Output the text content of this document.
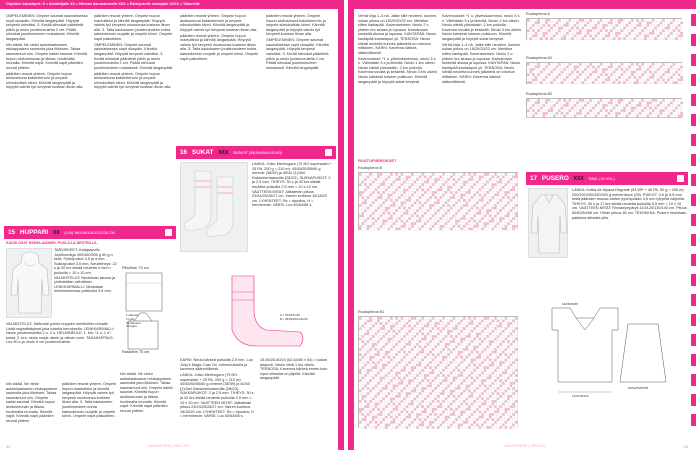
Ohjeiden lukuohjeet: X = Aloittelijalle XX = Hieman harrastuneelle XXX = Edistyneelle neulojalle XXXX = Taitureille

OMPELEMINEN: Ompele saumat saumattaessa nupit ulospäin. Kiinnitä langanpäät. Höyrytä kevyesti valmiiksi. 3. Kerää silmukat pääntietä pitkin ja neulo joustinneuletta 2 cm. Päätä silmukat joustinneuleen mukaisesti. Kiinnitä langanpäät.

kiin aikää. Ne vielot aukkelaaksanen etukappaleen saumoita joka liitoksen. Takaa saumamuut niin. Ompele kaikki saumat. Kiinnitä hupun aloitusreunan ja tikkaa, huolimalla reunalla. Kiinnitä napit. Kiinnitä napit pääntien reunat yhteen.

pääntien reunat yhteen. Ompele hupun aloitusreuna kaksinkerroin ja ompele silmukoittain kiinni. Kiinnitä langanpäät ja höyrytä valmis työ kevyesti kostean liinan alla.

pääntien reunat yhteen. Ompele hupun mantuttelut ja kiinnitä langanpäät. Höyrytä valmis työ kevyesti muotoonsa kostean liinan alla. 3. Taita kaulukseen joustinneuleen kohta kaksinkerroin nurjalle ja ompele kiinni. Ompele napit paikoilleen.

OMPELEMINEN: Ompele saumat saumattaessa nupit ulospäin. Kiinnitä langanpäät. Höyrytä kevyesti valmiiksi. 3. Kerää silmukat pääntietä pitkin ja neulo joustinneuletta 2 cm. Päätä silmukat joustinneuleen mukaisesti. Kiinnitä langanpäät.

pääntien reunat yhteen. Ompele hupun aloitusreuna kaksinkerroin ja ompele silmukoittain kiinni. Kiinnitä langanpäät ja höyrytä valmis työ kevyesti kostean liinan alla.

pääntien reunat yhteen. Ompele hupun aloitusreuna kaksinkerroin ja ompele silmukoittain kiinni. Kiinnitä langanpäät ja höyrytä valmis työ kevyesti kostean liinan alla.

pääntien reunat yhteen. Ompele hupun mantuttelut ja kiinnitä langanpäät. Höyrytä valmis työ kevyesti muotoonsa kostean liinan alla. 3. Taita kaulukseen joustinneuleen kohta kaksinkerroin nurjalle ja ompele kiinni. Ompele napit paikoilleen.

pääntien reunat yhteen. Ompele hupun aloitusreuna kaksinkerroin ja ompele silmukoittain kiinni. Kiinnitä langanpäät ja höyrytä valmis työ kevyesti kostean liinan alla.

OMPELEMINEN: Ompele saumat saumattaessa nupit ulospäin. Kiinnitä langanpäät. Höyrytä kevyesti valmiiksi. 3. Kerää silmukat pääntietä pitkin ja neulo joustinneuletta 2 cm. Päätä silmukat joustinneuleen mukaisesti. Kiinnitä langanpäät.

16 SUKAT XXX 35/36/37 (38/39/40/41/42/43)

LANKA: Jotko Merinogarn (75 NO superwash + 25 PA, 200 g = 210 m): 40/45/50/55/60 g ohrenie (38/39) ja 40/40 (1)/3ml Kaksinkertaamvilla (28/2G). SUKKAPUIKOT: 2 ja 2,5 mm. TIHEYS: 30 s ja 32 krs sileää neuletta puikoilla 2,5 mm = 10 x 10 cm. VAATTEEN MITAT: Jalkaterän pituus 23/24/25/26/27 cm. Varren korkeus 16/18/20 cm. LYHENTEET: Rs = ripustus, H = hermineule. VARSI: Luo 60/64/68 s.

15 HUPPARI XX (140) 98/104/116/122/128 CM
KAKSI OSAT RIHMA-AIKIMIN. PUOLILLA NESTRILLA.

TARVIKKEET: Kalajaapollo Jupilloonliiga 400/450/500 g 50 g:n kerä. Pyöröpuikot 3,5 ja 4 mm. Sukkapuikot 3,5 mm. Neuletiheys: 22 s ja 30 krs sileää neuletta 4 mm:n puikoilla = 10 x 10 cm. VALMISTELUT: Neulotaan tasona ja yhdistetään vaiheittain. LENKKARIMALLI: Neulotaan helmineuleessa puikkoilla 3,5 mm.

Pikulihan 70 cm
1 alkuosa
2 kylki
3 hihansuu
4 huppu
Rastaihin 75 cm

VALMISTELUT: Jätämme pointo nuppien merkkeihin rinnalle. Lisää raglanlisäykset joka toisella kerroksella. LENKKARIMALLI: Neulo joustinneuletta 2 o, 2 n. HELMINEULE: 1. krs: *1 o, 1 n*, toista. 2. krs: neulo nurjat oikein ja oikeat nurin. TAKAKAPPALE: Luo 90 s ja neulo 5 cm joustinneuletta.

kiin aikää. Ne vielot aukkelaaksanen etukappaleen saumoita joka liitoksen. Takaa saumamuut niin. Ompele kaikki saumat. Kiinnitä hupun aloitusreunan ja tikkaa, huolimalla reunalla. Kiinnitä napit. Kiinnitä napit pääntien reunat yhteen.

pääntien reunat yhteen. Ompele hupun mantuttelut ja kiinnitä langanpäät. Höyrytä valmis työ kevyesti muotoonsa kostean liinan alla. 3. Taita kaulukseen joustinneuleen kohta kaksinkerroin nurjalle ja ompele kiinni. Ompele napit paikoilleen.

kiin aikää. Ne vielot aukkelaaksanen etukappaleen saumoita joka liitoksen. Takaa saumamuut niin. Ompele kaikki saumat. Kiinnitä hupun aloitusreunan ja tikkaa, huolimalla reunalla. Kiinnitä napit. Kiinnitä napit pääntien reunat yhteen.

A = 35/36/37/38
B = 38/39/40/41/42/43

KÄRKI: Neulo kärkeä puikoilla 2,5 mm. Luo Judy's Magic Cast On -loihennuksella ja kavenna säännöllisesti.

LANKA: Jotko Merinogarn (75 NO superwash + 25 PA, 200 g = 210 m): 40/45/50/55/60 g ohrenie (38/39) ja 40/40 (1)/3ml Kaksinkertaamvilla (28/2G). SUKKAPUIKOT: 2 ja 2,5 mm. TIHEYS: 30 s ja 32 krs sileää neuletta puikoilla 2,5 mm = 10 x 10 cm. VAATTEEN MITAT: Jalkaterän pituus 23/24/25/26/27 cm. Varren korkeus 16/18/20 cm. LYHENTEET: Rs = ripustus, H = hermineule. VARSI: Luo 60/64/68 s.

15-60/25-60/24 (62-64/60 x 64) = sukan alupuoli. Neulo vielä 1 krs oikein. TERÄOSA: Kavenna kärkeä ennen kuin loput silmukat on jäljellä. Kiinnitä langanpäät.

KAUNIS ARKI | NEULOO
42

Verhä kirja 1–4 nä. Jatke sille neuleen, kunnes sukan pituus on 18/20/20/22 cm. Merkitse sitten kantapää. Kaventaminen: Neulo 2 o yhteen krs alussa ja lopussa. Kasvamaan keskeltä alussa ja lopussa. KANTAPÄÄ: Neulo kantapää kantalapun yli. TERÄOSA: Neulo sileää neuletta kunnes jalkaterä on toivotun mittainen. KÄRKI: Kavenna kärkeä säännöllisesti.

Kavennukset: *1 o, ylivetokavennus, neulo 3 s n. Vähintään 3 s ja kiinnitä. Neulo 1 krs oikein. Neulo sileää ylösalaisin. 2 krs puikolla. Kavenna sivuilta ja keskeltä. Neulo 3 krs oikein. Neulo kahdesti toiseen puikkoon. Kiinnitä langanpäät ja höyrytä sukat kevyesti.

Kavennukset: *1 o, ylivetokavennus, neulo 3 s n. Vähintään 3 s ja kiinnitä. Neulo 1 krs oikein. Neulo sileää ylösalaisin. 2 krs puikolla. Kavenna sivuilta ja keskeltä. Neulo 3 krs oikein. Neulo kahdesti toiseen puikkoon. Kiinnitä langanpäät ja höyrytä sukat kevyesti.

Verhä kirja 1–4 nä. Jatke sille neuleen, kunnes sukan pituus on 18/20/20/22 cm. Merkitse sitten kantapää. Kaventaminen: Neulo 2 o yhteen krs alussa ja lopussa. Kasvamaan keskeltä alussa ja lopussa. KANTAPÄÄ: Neulo kantapää kantalapun yli. TERÄOSA: Neulo sileää neuletta kunnes jalkaterä on toivotun mittainen. KÄRKI: Kavenna kärkeä säännöllisesti.

Ruutupiirros A
Ruutupiirros A2
Ruutupiirros B2
RUUTUPIIRROKSET
Ruutupiirros B
Ruutupiirros B1
17 PUSERO XXX S/M/L (XL/XXL)

LANKA: Kotka Air Alpaca Degradé (54 WP + 46 PA, 50 g = 235 m): 200/200/250/250/300 g meidenfarve (05). PUIKOT: 4,5 ja 5,5 mm sekä pääntien reunaa varten pyöröpuikko 4,5 mm lyhyellä vaijerilla. TIHEYS: 34 s ja 17 krs sileää neuletta puikoilla 5,5 mm = 10 x 10 cm. VAATTEEN MITAT: Rinnanympärys 110/120/130/140 cm. Pituus 60/62/64/66 cm. Hihan pituus 45 cm. TEKNIIKKA: Pusero neulotaan palasina alhaalta ylös.

64/65/66/68
120/118/120
50/52/54/56/58
KAUNIS ARKI | NEULOO	43
